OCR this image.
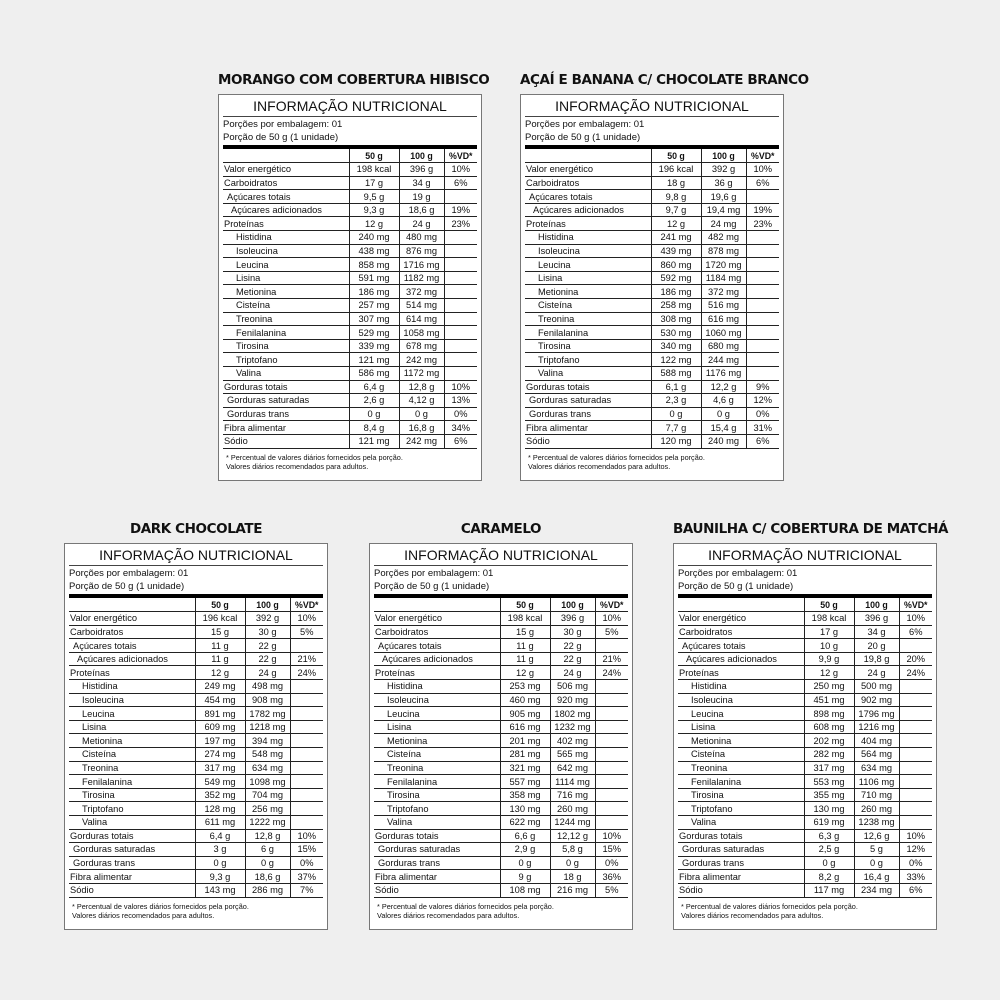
MORANGO COM COBERTURA HIBISCO
INFORMAÇÃO NUTRICIONAL
Porções por embalagem: 01
Porção de 50 g (1 unidade)
	50 g	100 g	%VD*
Valor energético	198 kcal	396 g	10%
Carboidratos	17 g	34 g	6%
Açúcares totais	9,5 g	19 g	
Açúcares adicionados	9,3 g	18,6 g	19%
Proteínas	12 g	24 g	23%
Histidina	240 mg	480 mg	
Isoleucina	438 mg	876 mg	
Leucina	858 mg	1716 mg	
Lisina	591 mg	1182 mg	
Metionina	186 mg	372 mg	
Cisteína	257 mg	514 mg	
Treonina	307 mg	614 mg	
Fenilalanina	529 mg	1058 mg	
Tirosina	339 mg	678 mg	
Triptofano	121 mg	242 mg	
Valina	586 mg	1172 mg	
Gorduras totais	6,4 g	12,8 g	10%
Gorduras saturadas	2,6 g	4,12 g	13%
Gorduras trans	0 g	0 g	0%
Fibra alimentar	8,4 g	16,8 g	34%
Sódio	121 mg	242 mg	6%
* Percentual de valores diários fornecidos pela porção.
Valores diários recomendados para adultos.
AÇAÍ E BANANA C/ CHOCOLATE BRANCO
INFORMAÇÃO NUTRICIONAL
Porções por embalagem: 01
Porção de 50 g (1 unidade)
	50 g	100 g	%VD*
Valor energético	196 kcal	392 g	10%
Carboidratos	18 g	36 g	6%
Açúcares totais	9,8 g	19,6 g	
Açúcares adicionados	9,7 g	19,4 mg	19%
Proteínas	12 g	24 mg	23%
Histidina	241 mg	482 mg	
Isoleucina	439 mg	878 mg	
Leucina	860 mg	1720 mg	
Lisina	592 mg	1184 mg	
Metionina	186 mg	372 mg	
Cisteína	258 mg	516 mg	
Treonina	308 mg	616 mg	
Fenilalanina	530 mg	1060 mg	
Tirosina	340 mg	680 mg	
Triptofano	122 mg	244 mg	
Valina	588 mg	1176 mg	
Gorduras totais	6,1 g	12,2 g	9%
Gorduras saturadas	2,3 g	4,6 g	12%
Gorduras trans	0 g	0 g	0%
Fibra alimentar	7,7 g	15,4 g	31%
Sódio	120 mg	240 mg	6%
* Percentual de valores diários fornecidos pela porção.
Valores diários recomendados para adultos.
DARK CHOCOLATE
INFORMAÇÃO NUTRICIONAL
Porções por embalagem: 01
Porção de 50 g (1 unidade)
	50 g	100 g	%VD*
Valor energético	196 kcal	392 g	10%
Carboidratos	15 g	30 g	5%
Açúcares totais	11 g	22 g	
Açúcares adicionados	11 g	22 g	21%
Proteínas	12 g	24 g	24%
Histidina	249 mg	498 mg	
Isoleucina	454 mg	908 mg	
Leucina	891 mg	1782 mg	
Lisina	609 mg	1218 mg	
Metionina	197 mg	394 mg	
Cisteína	274 mg	548 mg	
Treonina	317 mg	634 mg	
Fenilalanina	549 mg	1098 mg	
Tirosina	352 mg	704 mg	
Triptofano	128 mg	256 mg	
Valina	611 mg	1222 mg	
Gorduras totais	6,4 g	12,8 g	10%
Gorduras saturadas	3 g	6 g	15%
Gorduras trans	0 g	0 g	0%
Fibra alimentar	9,3 g	18,6 g	37%
Sódio	143 mg	286 mg	7%
* Percentual de valores diários fornecidos pela porção.
Valores diários recomendados para adultos.
CARAMELO
INFORMAÇÃO NUTRICIONAL
Porções por embalagem: 01
Porção de 50 g (1 unidade)
	50 g	100 g	%VD*
Valor energético	198 kcal	396 g	10%
Carboidratos	15 g	30 g	5%
Açúcares totais	11 g	22 g	
Açúcares adicionados	11 g	22 g	21%
Proteínas	12 g	24 g	24%
Histidina	253 mg	506 mg	
Isoleucina	460 mg	920 mg	
Leucina	905 mg	1802 mg	
Lisina	616 mg	1232 mg	
Metionina	201 mg	402 mg	
Cisteína	281 mg	565 mg	
Treonina	321 mg	642 mg	
Fenilalanina	557 mg	1114 mg	
Tirosina	358 mg	716 mg	
Triptofano	130 mg	260 mg	
Valina	622 mg	1244 mg	
Gorduras totais	6,6 g	12,12 g	10%
Gorduras saturadas	2,9 g	5,8 g	15%
Gorduras trans	0 g	0 g	0%
Fibra alimentar	9 g	18 g	36%
Sódio	108 mg	216 mg	5%
* Percentual de valores diários fornecidos pela porção.
Valores diários recomendados para adultos.
BAUNILHA C/ COBERTURA DE MATCHÁ
INFORMAÇÃO NUTRICIONAL
Porções por embalagem: 01
Porção de 50 g (1 unidade)
	50 g	100 g	%VD*
Valor energético	198 kcal	396 g	10%
Carboidratos	17 g	34 g	6%
Açúcares totais	10 g	20 g	
Açúcares adicionados	9,9 g	19,8 g	20%
Proteínas	12 g	24 g	24%
Histidina	250 mg	500 mg	
Isoleucina	451 mg	902 mg	
Leucina	898 mg	1796 mg	
Lisina	608 mg	1216 mg	
Metionina	202 mg	404 mg	
Cisteína	282 mg	564 mg	
Treonina	317 mg	634 mg	
Fenilalanina	553 mg	1106 mg	
Tirosina	355 mg	710 mg	
Triptofano	130 mg	260 mg	
Valina	619 mg	1238 mg	
Gorduras totais	6,3 g	12,6 g	10%
Gorduras saturadas	2,5 g	5 g	12%
Gorduras trans	0 g	0 g	0%
Fibra alimentar	8,2 g	16,4 g	33%
Sódio	117 mg	234 mg	6%
* Percentual de valores diários fornecidos pela porção.
Valores diários recomendados para adultos.
